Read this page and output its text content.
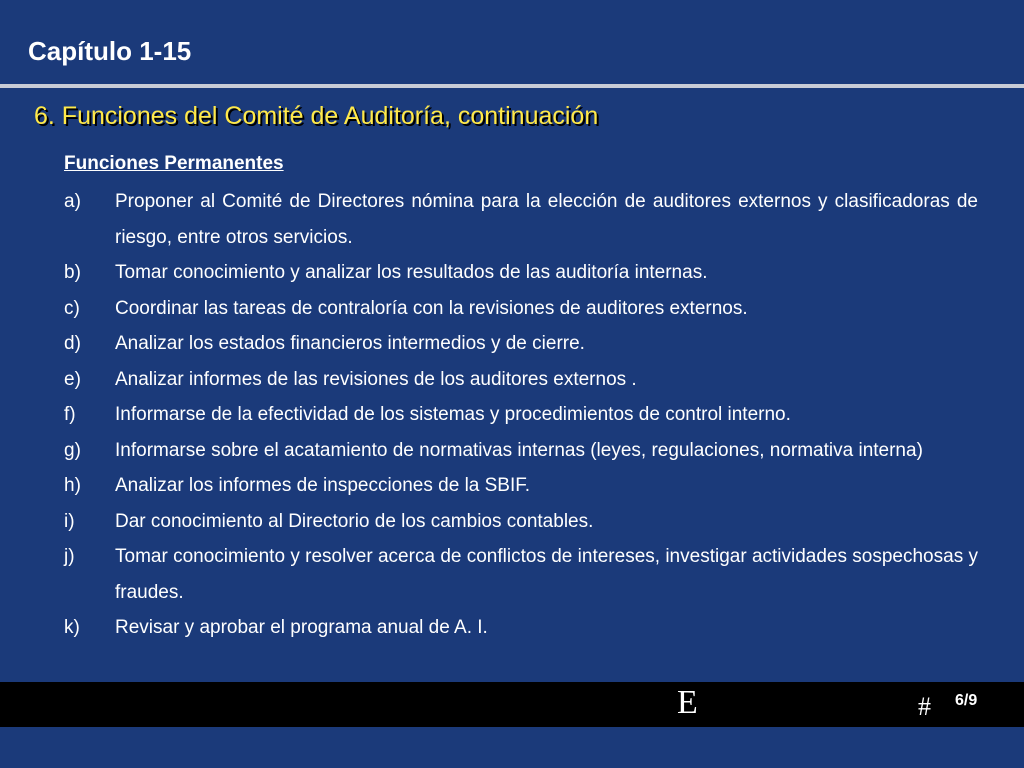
Capítulo 1-15
6. Funciones del Comité de Auditoría, continuación
Funciones Permanentes
a)	Proponer al Comité de Directores nómina para la elección de auditores externos y clasificadoras de riesgo, entre otros servicios.
b)	Tomar conocimiento y analizar los resultados de las auditoría internas.
c)	Coordinar las tareas de contraloría con la revisiones de auditores externos.
d)	Analizar los estados financieros intermedios y de cierre.
e)	Analizar informes de las revisiones de los auditores externos .
f)	Informarse de la efectividad de los sistemas y procedimientos de control interno.
g)	Informarse sobre el acatamiento de normativas internas (leyes, regulaciones, normativa interna)
h)	Analizar los informes de inspecciones de la SBIF.
i)	Dar conocimiento al Directorio de los cambios contables.
j)	Tomar conocimiento y resolver acerca de conflictos de intereses, investigar actividades sospechosas y fraudes.
k)	Revisar y aprobar el programa anual de A. I.
E	# 6/9
